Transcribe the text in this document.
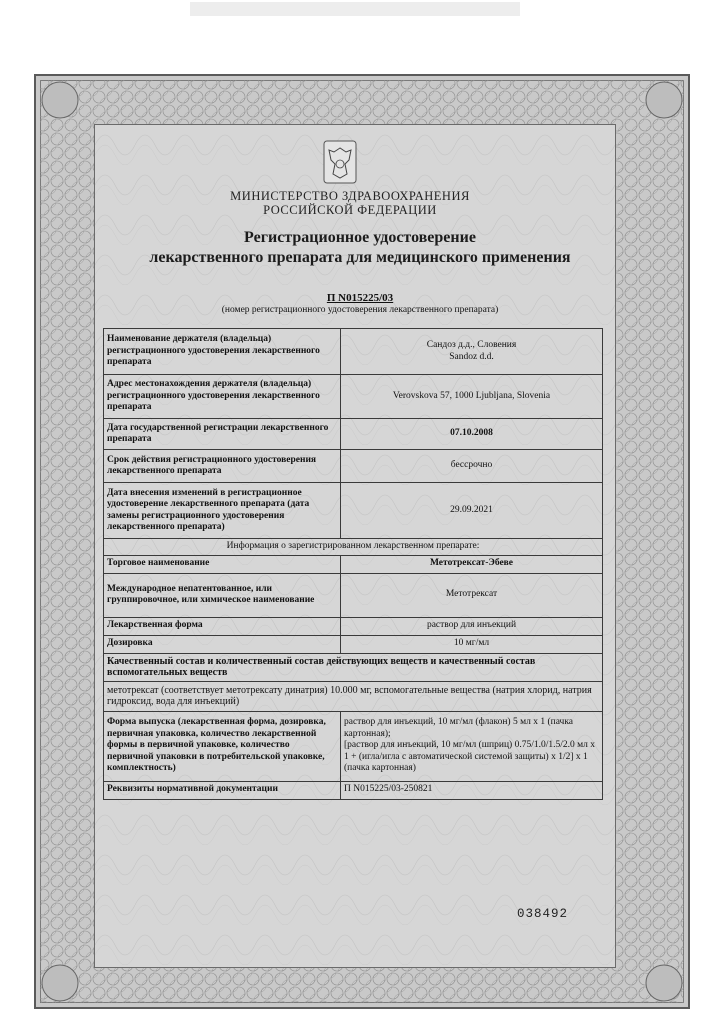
МИНИСТЕРСТВО ЗДРАВООХРАНЕНИЯ
РОССИЙСКОЙ ФЕДЕРАЦИИ
Регистрационное удостоверение
лекарственного препарата для медицинского применения
П N015225/03
(номер регистрационного удостоверения лекарственного препарата)
Наименование держателя (владельца) регистрационного удостоверения лекарственного препарата	Сандоз д.д., Словения
Sandoz d.d.

Адрес местонахождения держателя (владельца) регистрационного удостоверения лекарственного препарата	Verovskova 57, 1000 Ljubljana, Slovenia
Дата государственной регистрации лекарственного препарата	07.10.2008
Срок действия регистрационного удостоверения лекарственного препарата	бессрочно
Дата внесения изменений в регистрационное удостоверение лекарственного препарата (дата замены регистрационного удостоверения лекарственного препарата)	29.09.2021
Информация о зарегистрированном лекарственном препарате:	
Торговое наименование	Метотрексат-Эбеве
Международное непатентованное, или группировочное, или химическое наименование	Метотрексат
Лекарственная форма	раствор для инъекций
Дозировка	10 мг/мл
Качественный состав и количественный состав действующих веществ и качественный состав вспомогательных веществ	
метотрексат (соответствует метотрексату динатрия) 10.000 мг, вспомогательные вещества (натрия хлорид, натрия гидроксид, вода для инъекций)	
Форма выпуска (лекарственная форма, дозировка, первичная упаковка, количество лекарственной формы в первичной упаковке, количество первичной упаковки в потребительской упаковке, комплектность)	раствор для инъекций, 10 мг/мл (флакон) 5 мл х 1 (пачка картонная);
[раствор для инъекций, 10 мг/мл (шприц) 0.75/1.0/1.5/2.0 мл х 1 + (игла/игла с автоматической системой защиты) х 1/2] х 1 (пачка картонная)

Реквизиты нормативной документации	П N015225/03-250821
038492
